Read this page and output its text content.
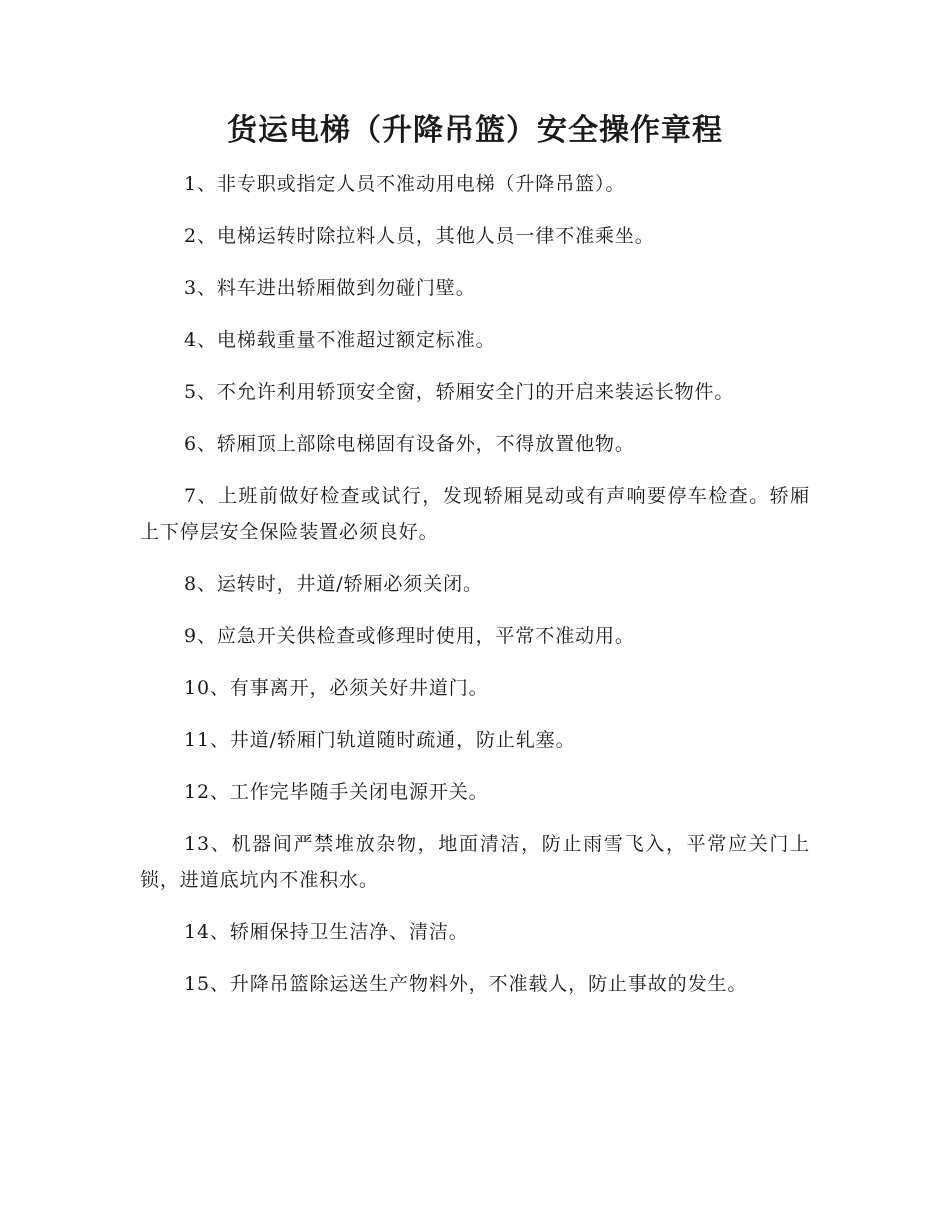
货运电梯（升降吊篮）安全操作章程

1、非专职或指定人员不准动用电梯（升降吊篮）。

2、电梯运转时除拉料人员，其他人员一律不准乘坐。

3、料车进出轿厢做到勿碰门壁。

4、电梯载重量不准超过额定标准。

5、不允许利用轿顶安全窗，轿厢安全门的开启来装运长物件。

6、轿厢顶上部除电梯固有设备外，不得放置他物。

7、上班前做好检查或试行，发现轿厢晃动或有声响要停车检查。轿厢上下停层安全保险装置必须良好。

8、运转时，井道/轿厢必须关闭。

9、应急开关供检查或修理时使用，平常不准动用。

10、有事离开，必须关好井道门。

11、井道/轿厢门轨道随时疏通，防止轧塞。

12、工作完毕随手关闭电源开关。

13、机器间严禁堆放杂物，地面清洁，防止雨雪飞入，平常应关门上锁，进道底坑内不准积水。

14、轿厢保持卫生洁净、清洁。

15、升降吊篮除运送生产物料外，不准载人，防止事故的发生。
